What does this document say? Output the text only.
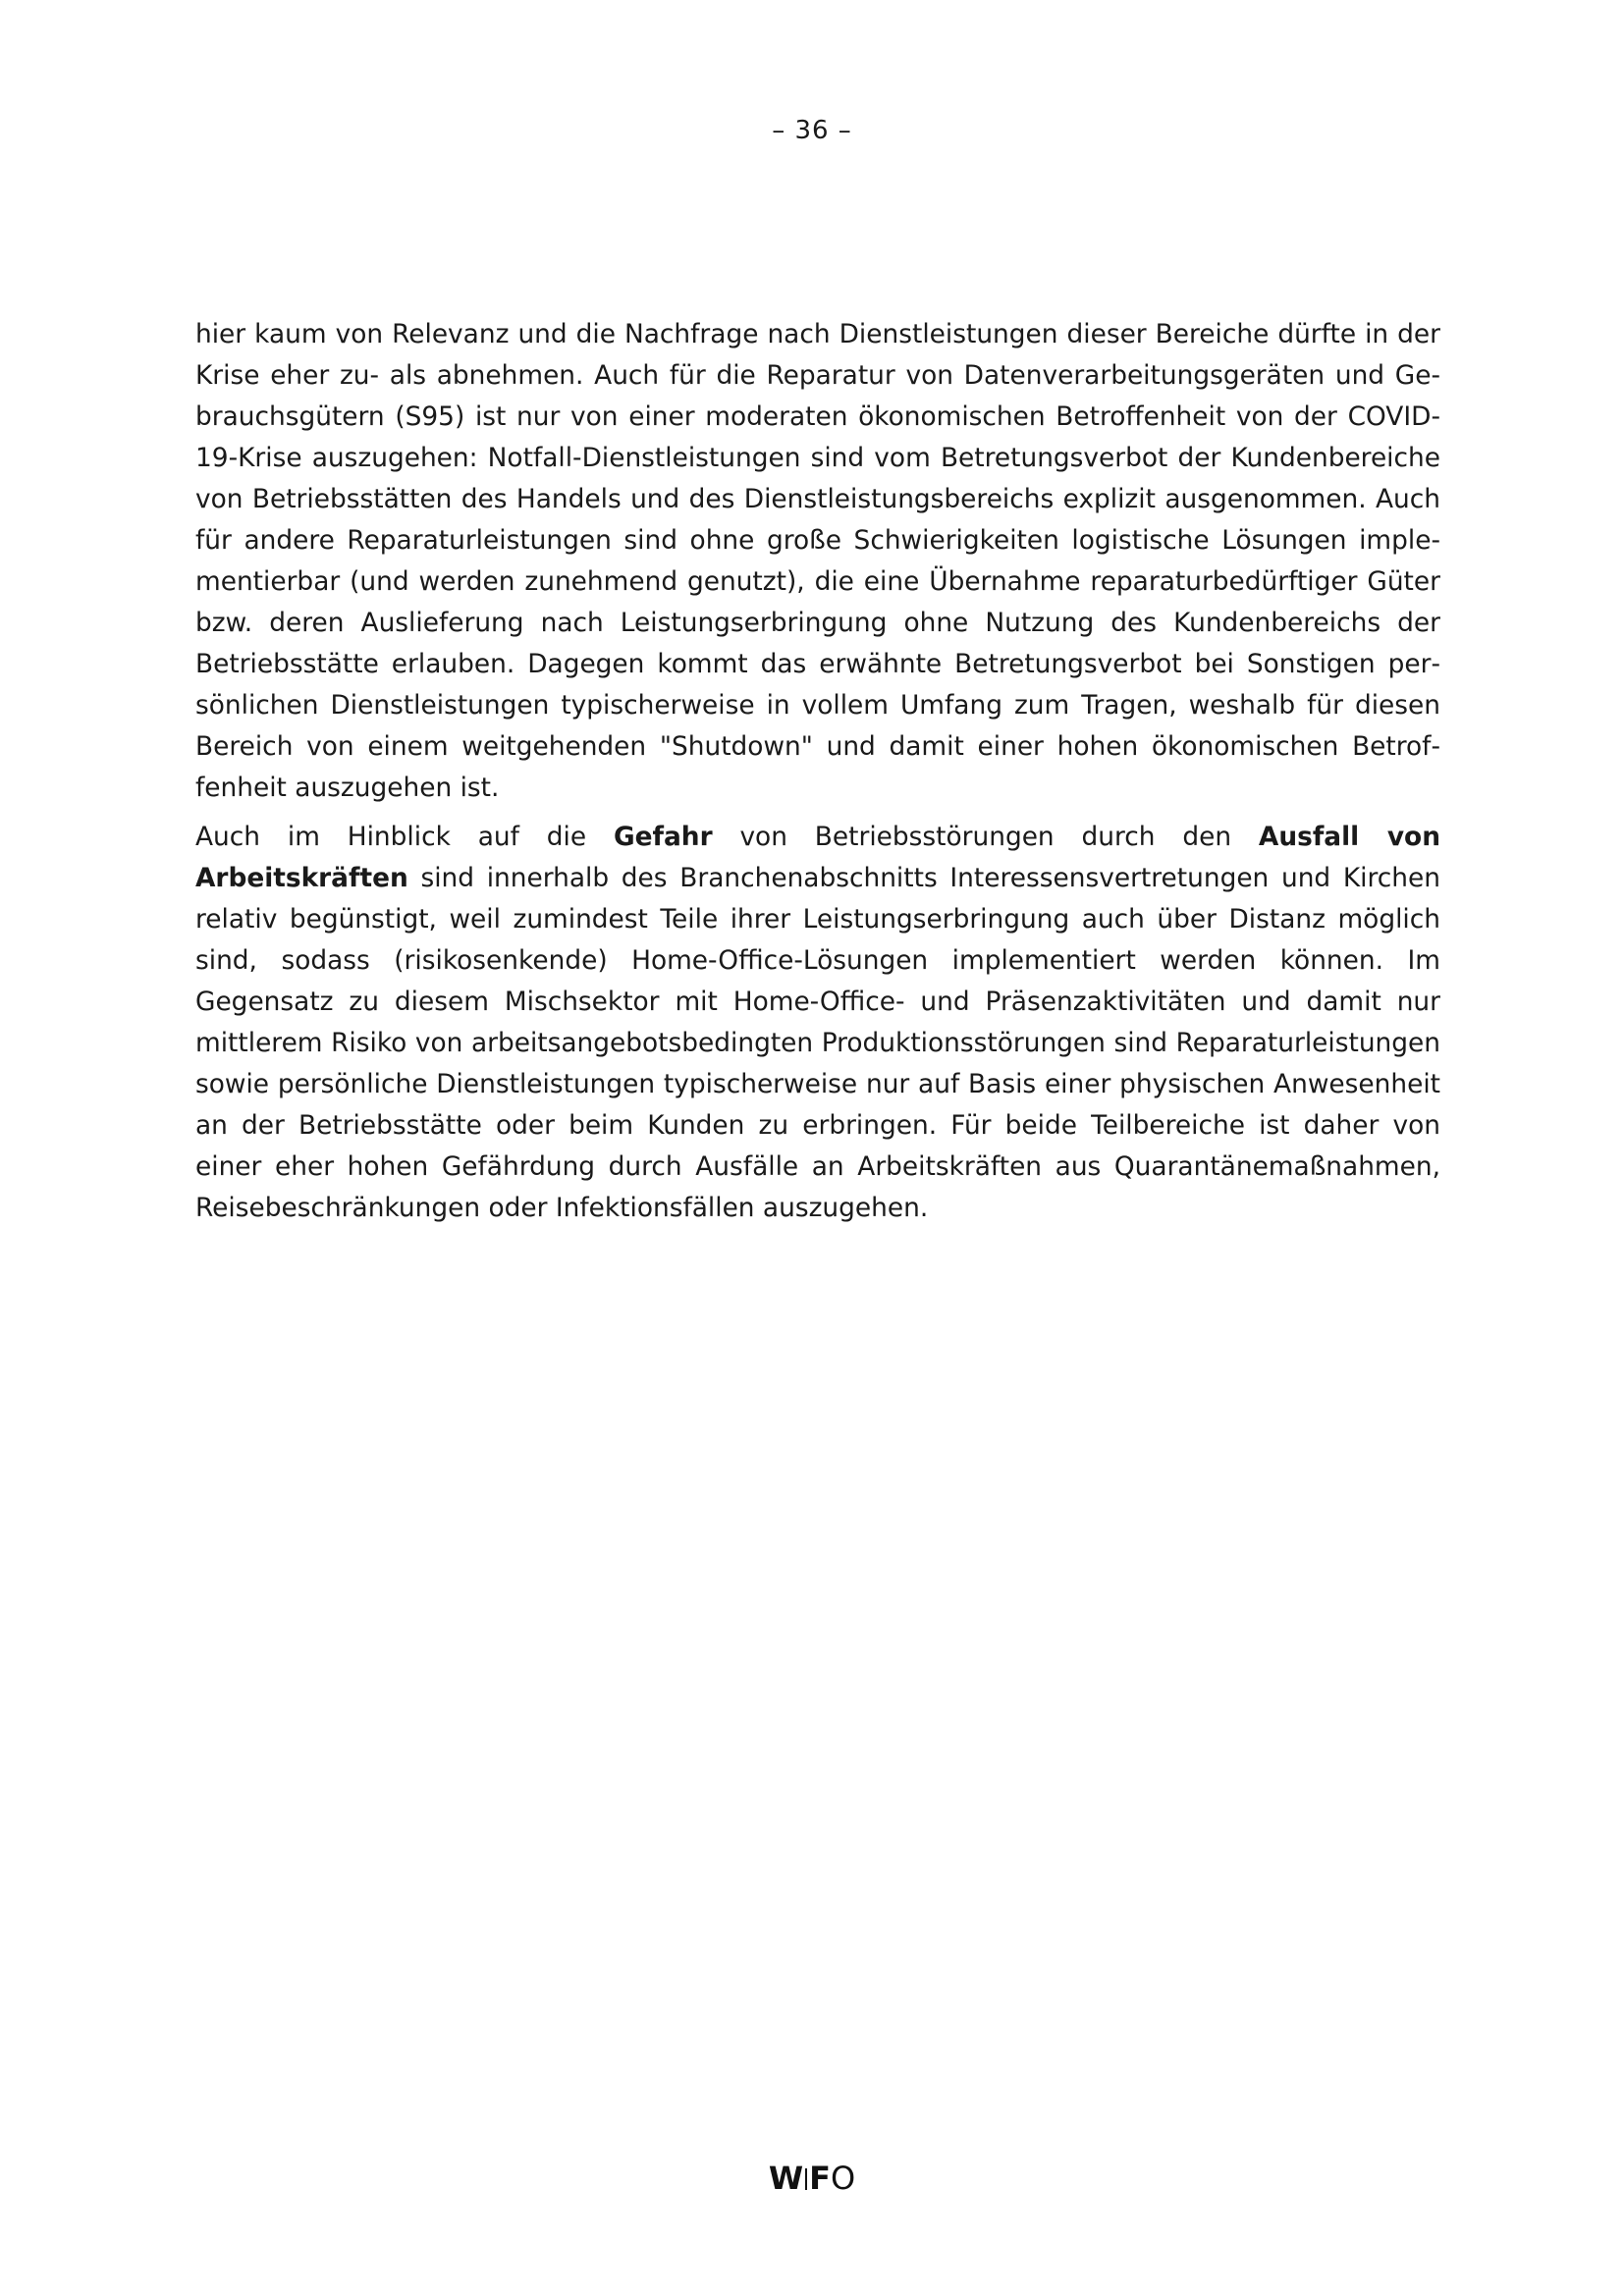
– 36 –

hier kaum von Relevanz und die Nachfrage nach Dienstleistungen dieser Bereiche dürfte in der Krise eher zu- als abnehmen. Auch für die Reparatur von Datenverarbeitungsgeräten und Gebrauchsgütern (S95) ist nur von einer moderaten ökonomischen Betroffenheit von der COVID-19-Krise auszugehen: Notfall-Dienstleistungen sind vom Betretungsverbot der Kundenbereiche von Betriebsstätten des Handels und des Dienstleistungsbereichs explizit ausgenommen. Auch für andere Reparaturleistungen sind ohne große Schwierigkeiten logistische Lösungen implementierbar (und werden zunehmend genutzt), die eine Übernahme reparaturbedürftiger Güter bzw. deren Auslieferung nach Leistungserbringung ohne Nutzung des Kundenbereichs der Betriebsstätte erlauben. Dagegen kommt das erwähnte Betretungsverbot bei Sonstigen persönlichen Dienstleistungen typischerweise in vollem Umfang zum Tragen, weshalb für diesen Bereich von einem weitgehenden "Shutdown" und damit einer hohen ökonomischen Betroffenheit auszugehen ist.

Auch im Hinblick auf die Gefahr von Betriebsstörungen durch den Ausfall von Arbeitskräften sind innerhalb des Branchenabschnitts Interessensvertretungen und Kirchen relativ begünstigt, weil zumindest Teile ihrer Leistungserbringung auch über Distanz möglich sind, sodass (risikosenkende) Home-Office-Lösungen implementiert werden können. Im Gegensatz zu diesem Mischsektor mit Home-Office- und Präsenzaktivitäten und damit nur mittlerem Risiko von arbeitsangebotsbedingten Produktionsstörungen sind Reparaturleistungen sowie persönliche Dienstleistungen typischerweise nur auf Basis einer physischen Anwesenheit an der Betriebsstätte oder beim Kunden zu erbringen. Für beide Teilbereiche ist daher von einer eher hohen Gefährdung durch Ausfälle an Arbeitskräften aus Quarantänemaßnahmen, Reisebeschränkungen oder Infektionsfällen auszugehen.

W FO
